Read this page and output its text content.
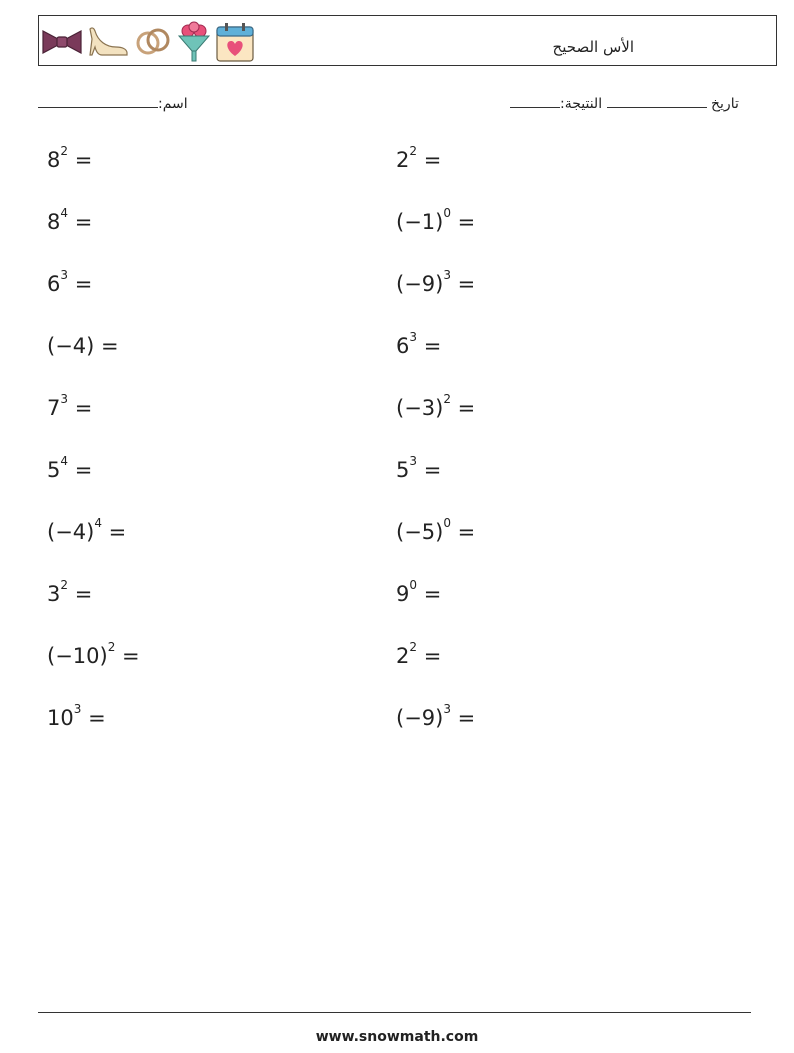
الأس الصحيح
:اسم	:تاريخ  النتيجة
$8^2$ =	$2^2$ =
$8^4$ =	$(-1)^0$ =
$6^3$ =	$(-9)^3$ =
(−4) =	$6^3$ =
$7^3$ =	$(-3)^2$ =
$5^4$ =	$5^3$ =
$(-4)^4$ =	$(-5)^0$ =
$3^2$ =	$9^0$ =
$(-10)^2$ =	$2^2$ =
$10^3$ =	$(-9)^3$ =
www.snowmath.com
